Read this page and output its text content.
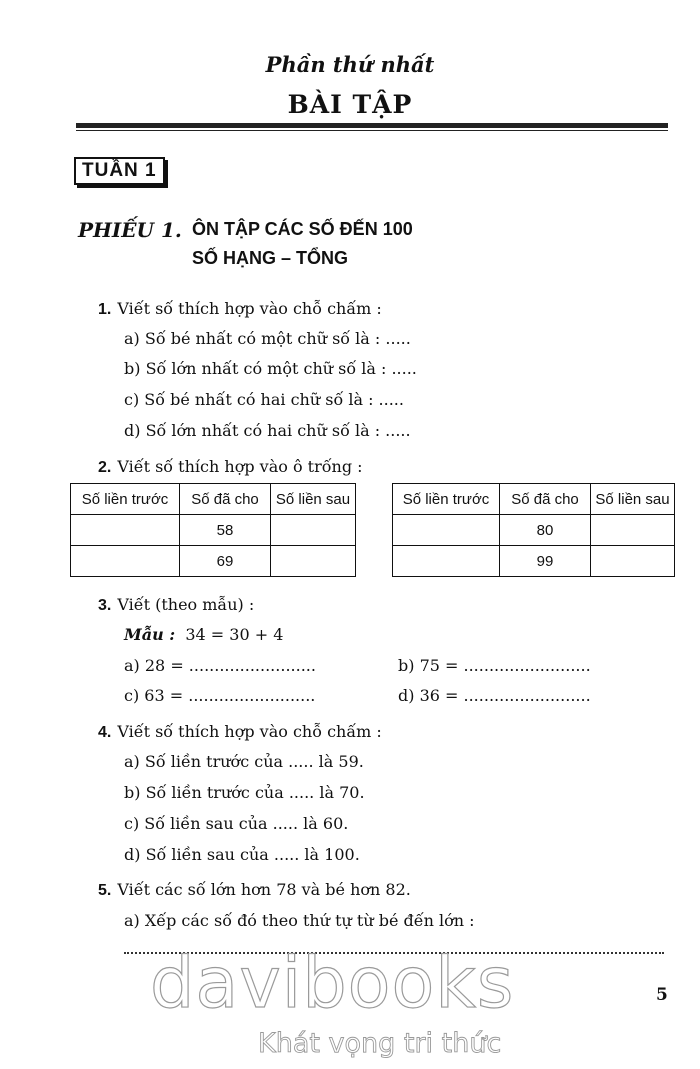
Phần thứ nhất
BÀI TẬP
TUẦN 1
PHIẾU 1. ÔN TẬP CÁC SỐ ĐẾN 100
SỐ HẠNG – TỔNG
1. Viết số thích hợp vào chỗ chấm :
a) Số bé nhất có một chữ số là : .....
b) Số lớn nhất có một chữ số là : .....
c) Số bé nhất có hai chữ số là : .....
d) Số lớn nhất có hai chữ số là : .....
2. Viết số thích hợp vào ô trống :
Số liền trước	Số đã cho	Số liền sau
	58	
	69	
Số liền trước	Số đã cho	Số liền sau
	80	
	99	
3. Viết (theo mẫu) :
Mẫu : 34 = 30 + 4
a) 28 = .........................	b) 75 = .........................
c) 63 = .........................	d) 36 = .........................
4. Viết số thích hợp vào chỗ chấm :
a) Số liền trước của ..... là 59.
b) Số liền trước của ..... là 70.
c) Số liền sau của ..... là 60.
d) Số liền sau của ..... là 100.
5. Viết các số lớn hơn 78 và bé hơn 82.
a) Xếp các số đó theo thứ tự từ bé đến lớn :
5
davibooks
Khát vọng tri thức
